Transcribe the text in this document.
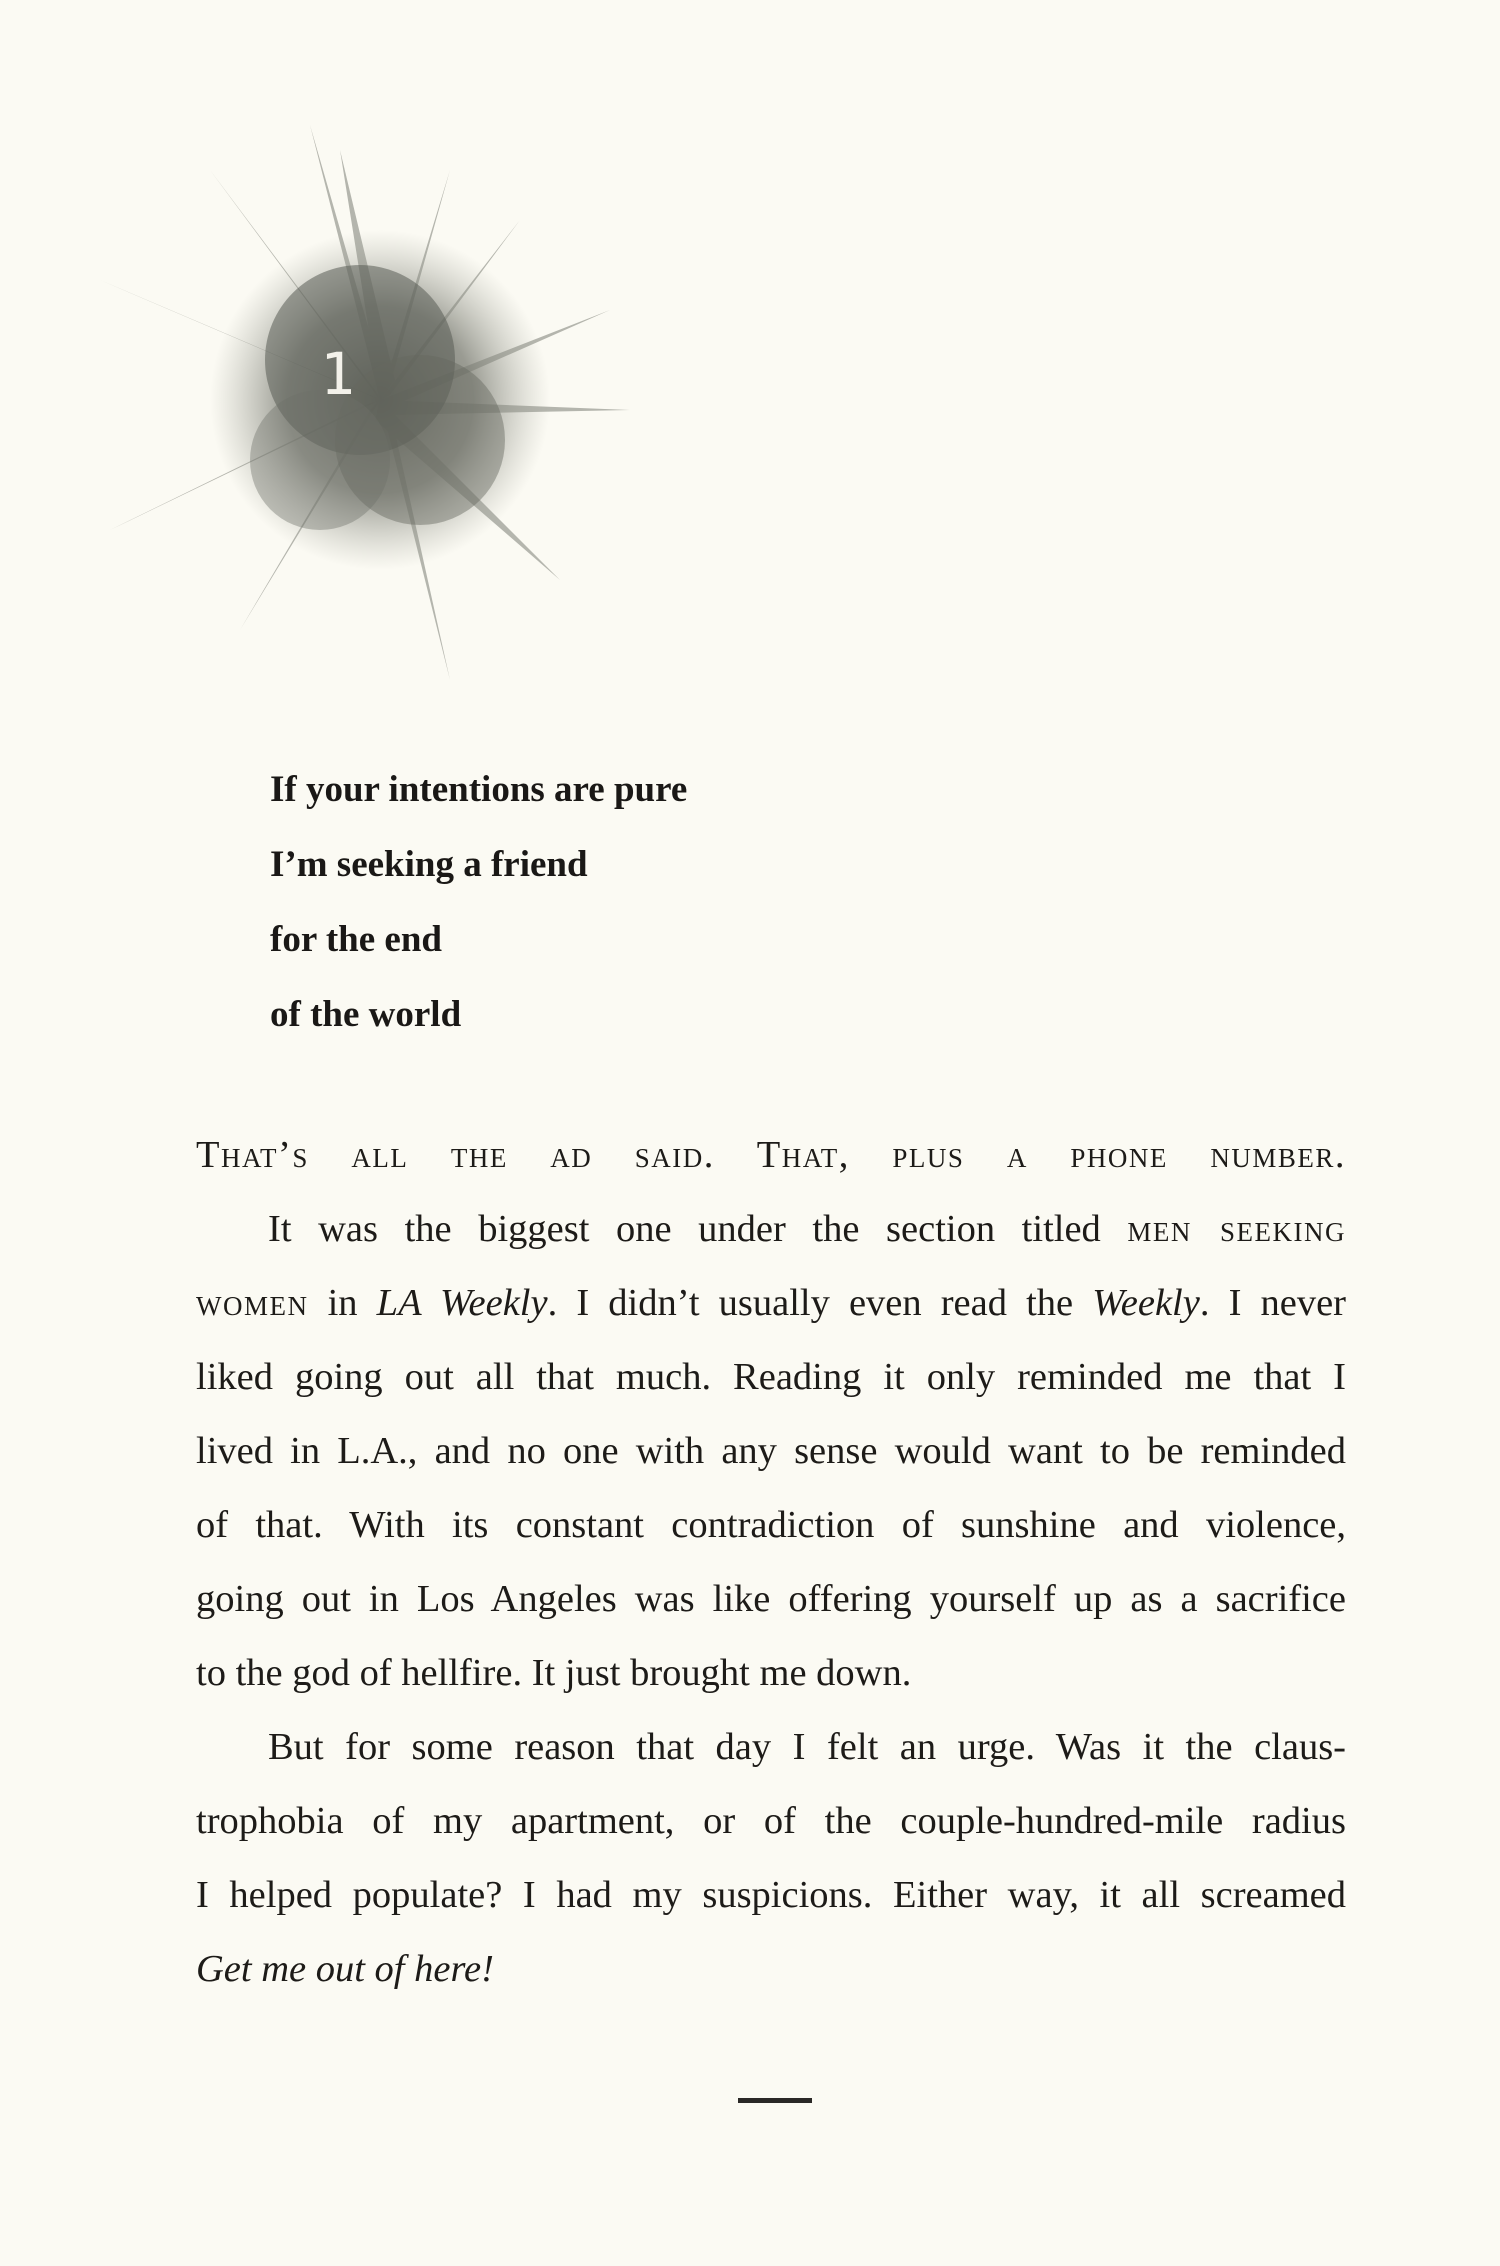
1
If your intentions are pure
I’m seeking a friend
for the end
of the world
That’s all the ad said. That, plus a phone number.
It was the biggest one under the section titled men seeking
women in LA Weekly. I didn’t usually even read the Weekly. I never
liked going out all that much. Reading it only reminded me that I
lived in L.A., and no one with any sense would want to be reminded
of that. With its constant contradiction of sunshine and violence,
going out in Los Angeles was like offering yourself up as a sacrifice
to the god of hellfire. It just brought me down.
But for some reason that day I felt an urge. Was it the claus-
trophobia of my apartment, or of the couple-hundred-mile radius
I helped populate? I had my suspicions. Either way, it all screamed
Get me out of here!
